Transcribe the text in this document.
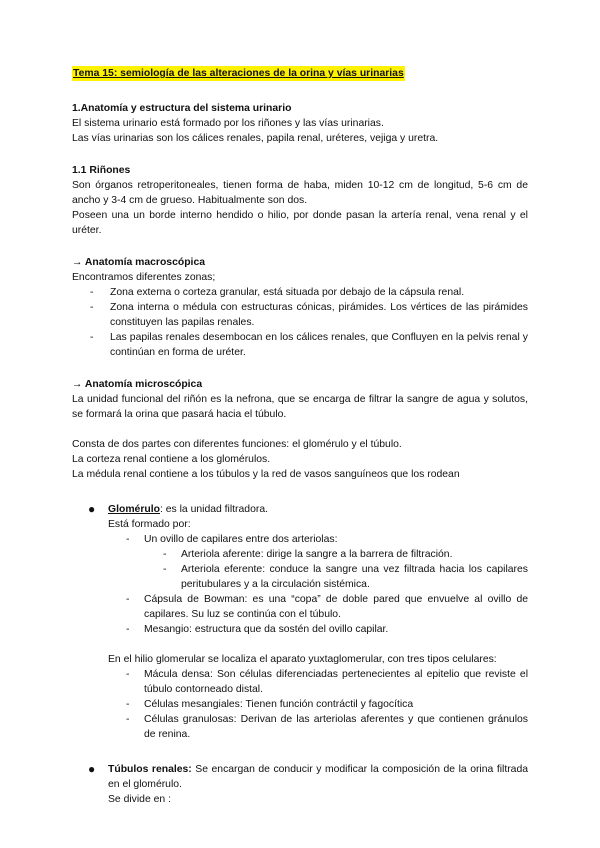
Tema 15: semiología de las alteraciones de la orina y vías urinarias

1.Anatomía y estructura del sistema urinario

El sistema urinario está formado por los riñones y las vías urinarias.

Las vías urinarias son los cálices renales, papila renal, uréteres, vejiga y uretra.

1.1 Riñones

Son órganos retroperitoneales, tienen forma de haba, miden 10-12 cm de longitud, 5-6 cm de ancho y 3-4 cm de grueso. Habitualmente son dos.

Poseen una un borde interno hendido o hilio, por donde pasan la artería renal, vena renal y el uréter.

→ Anatomía macroscópica

Encontramos diferentes zonas;

- Zona externa o corteza granular, está situada por debajo de la cápsula renal.
- Zona interna o médula con estructuras cónicas, pirámides. Los vértices de las pirámides constituyen las papilas renales.
- Las papilas renales desembocan en los cálices renales, que Confluyen en la pelvis renal y continúan en forma de uréter.

→ Anatomía microscópica

La unidad funcional del riñón es la nefrona, que se encarga de filtrar la sangre de agua y solutos, se formará la orina que pasará hacia el túbulo.

Consta de dos partes con diferentes funciones: el glomérulo y el túbulo.

La corteza renal contiene a los glomérulos.

La médula renal contiene a los túbulos y la red de vasos sanguíneos que los rodean

● Glomérulo: es la unidad filtradora.

Está formado por:

- Un ovillo de capilares entre dos arteriolas:
- Arteriola aferente: dirige la sangre a la barrera de filtración.
- Arteriola eferente: conduce la sangre una vez filtrada hacia los capilares peritubulares y a la circulación sistémica.
- Cápsula de Bowman: es una “copa” de doble pared que envuelve al ovillo de capilares. Su luz se continúa con el túbulo.
- Mesangio: estructura que da sostén del ovillo capilar.

En el hilio glomerular se localiza el aparato yuxtaglomerular, con tres tipos celulares:

- Mácula densa: Son células diferenciadas pertenecientes al epitelio que reviste el túbulo contorneado distal.
- Células mesangiales: Tienen función contráctil y fagocítica
- Células granulosas: Derivan de las arteriolas aferentes y que contienen gránulos de renina.
● Túbulos renales: Se encargan de conducir y modificar la composición de la orina filtrada en el glomérulo.

Se divide en :
